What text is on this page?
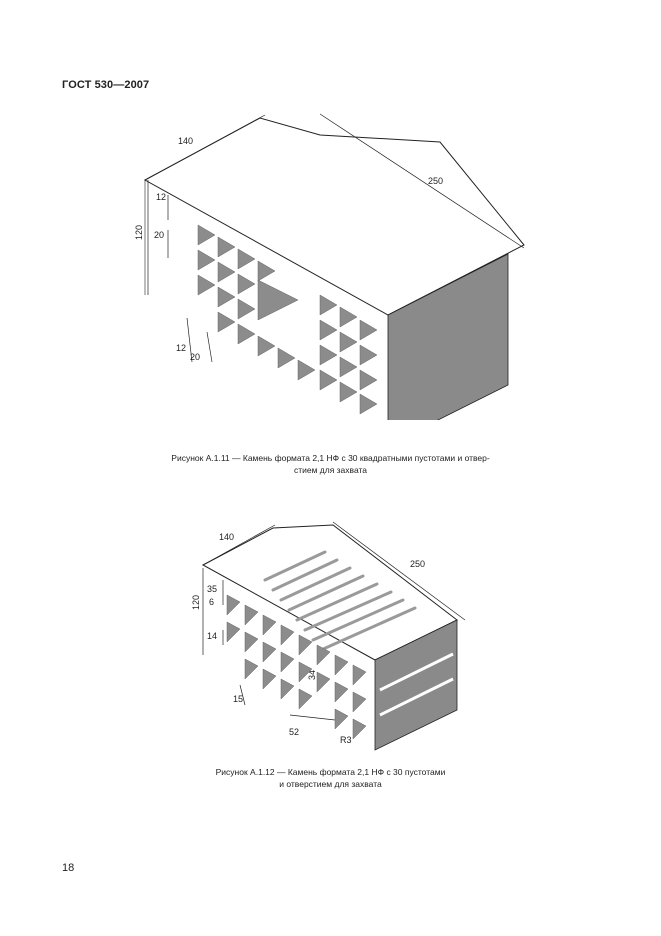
ГОСТ 530—2007
140
250
120
12
20
12
20
Рисунок А.1.11 — Камень формата 2,1 НФ с 30 квадратными пустотами и отвер-
стием для захвата
140
250
120
35
6
14
15
52
34
R3
Рисунок А.1.12 — Камень формата 2,1 НФ с 30 пустотами
и отверстием для захвата
18
